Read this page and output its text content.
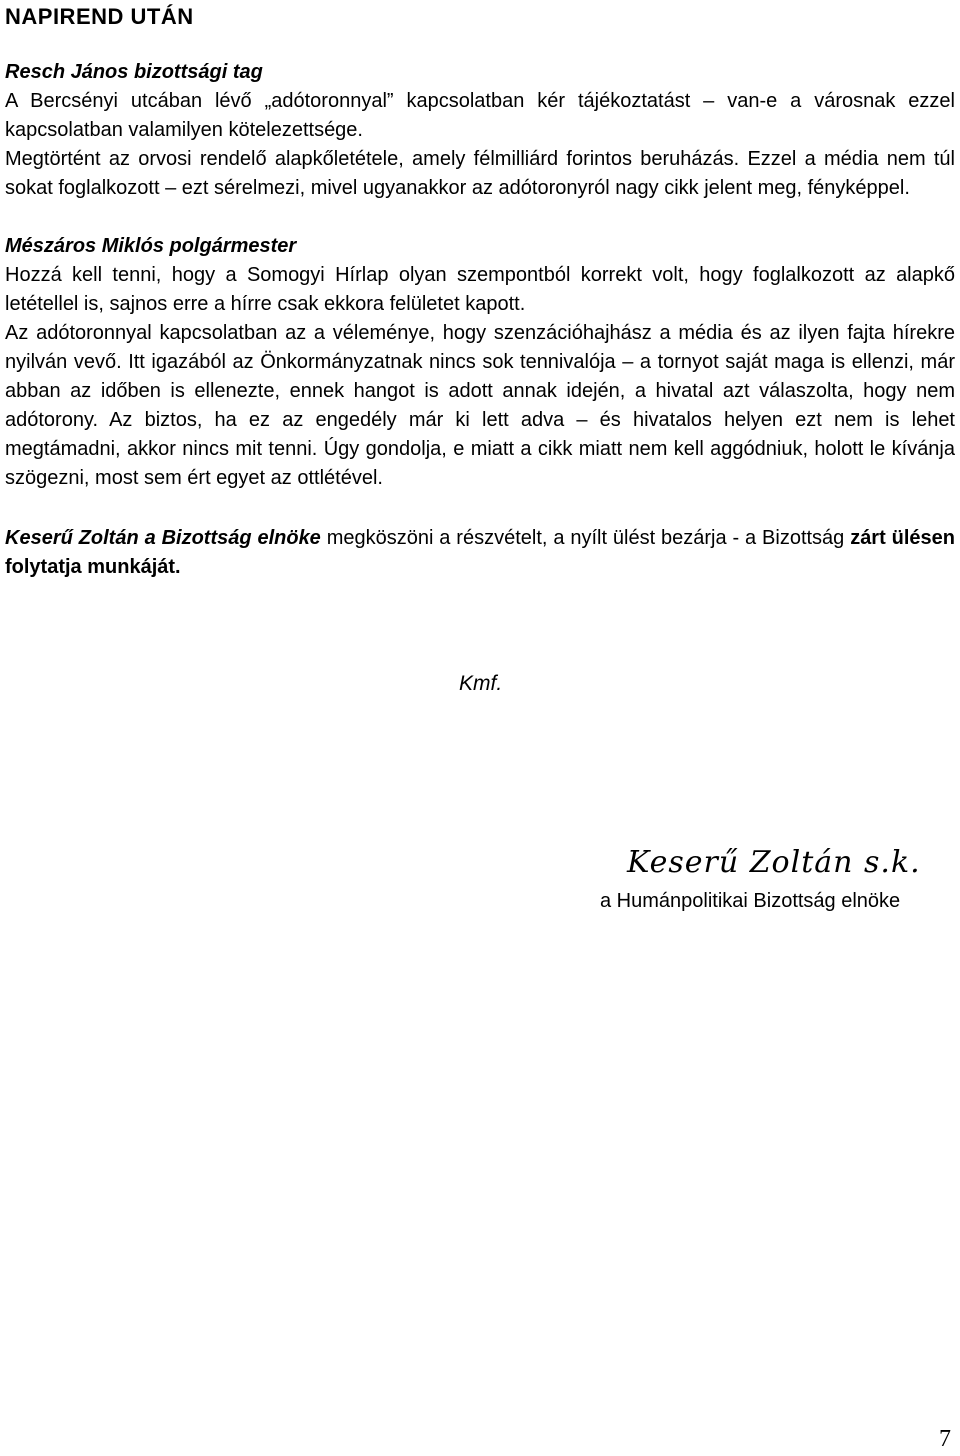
NAPIREND UTÁN

Resch János bizottsági tag

A Bercsényi utcában lévő „adótoronnyal” kapcsolatban kér tájékoztatást – van-e a városnak ezzel kapcsolatban valamilyen kötelezettsége.

Megtörtént az orvosi rendelő alapkőletétele, amely félmilliárd forintos beruházás. Ezzel a média nem túl sokat foglalkozott – ezt sérelmezi, mivel ugyanakkor az adótoronyról nagy cikk jelent meg, fényképpel.

Mészáros Miklós polgármester

Hozzá kell tenni, hogy a Somogyi Hírlap olyan szempontból korrekt volt, hogy foglalkozott az alapkő letétellel is, sajnos erre a hírre csak ekkora felületet kapott.

Az adótoronnyal kapcsolatban az a véleménye, hogy szenzációhajhász a média és az ilyen fajta hírekre nyilván vevő. Itt igazából az Önkormányzatnak nincs sok tennivalója – a tornyot saját maga is ellenzi, már abban az időben is ellenezte, ennek hangot is adott annak idején, a hivatal azt válaszolta, hogy nem adótorony. Az biztos, ha ez az engedély már ki lett adva – és hivatalos helyen ezt nem is lehet megtámadni, akkor nincs mit tenni. Úgy gondolja, e miatt a cikk miatt nem kell aggódniuk, holott le kívánja szögezni, most sem ért egyet az ottlétével.

Keserű Zoltán a Bizottság elnöke megköszöni a részvételt, a nyílt ülést bezárja - a Bizottság zárt ülésen folytatja munkáját.

Kmf.
Keserű Zoltán s.k.
a Humánpolitikai Bizottság elnöke
7
